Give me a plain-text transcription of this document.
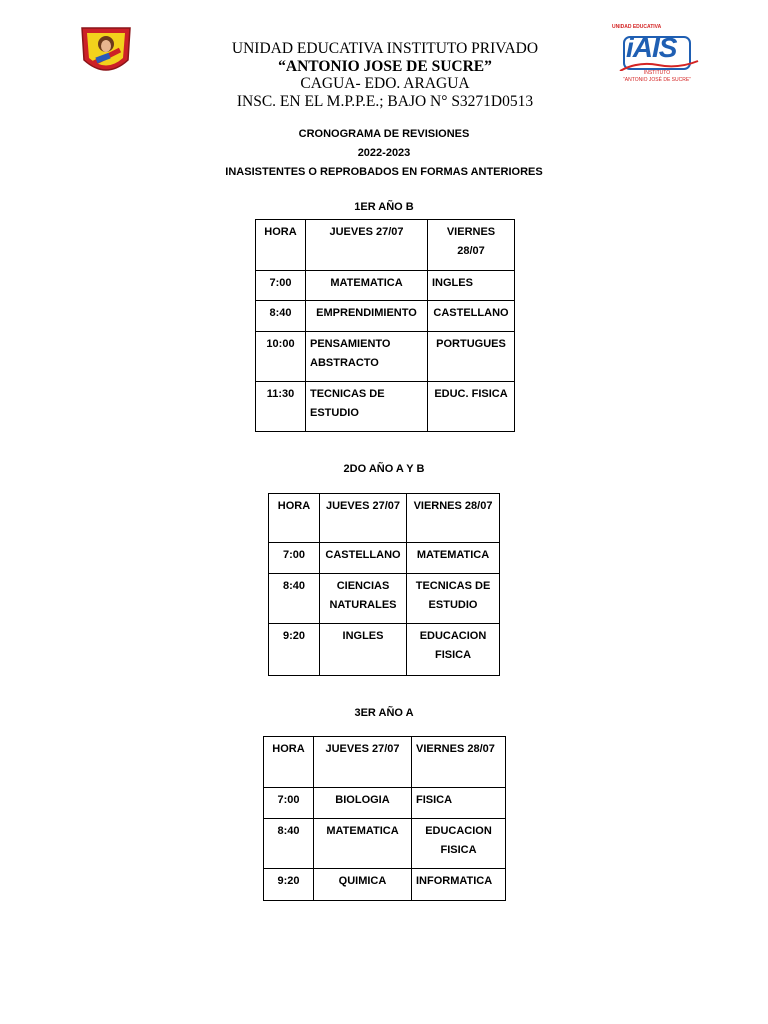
UNIDAD EDUCATIVA INSTITUTO PRIVADO
“ANTONIO JOSE DE SUCRE”
CAGUA- EDO. ARAGUA
INSC. EN EL M.P.P.E.; BAJO N° S3271D0513
UNIDAD EDUCATIVA
iAIS
INSTITUTO
“ANTONIO JOSÉ DE SUCRE”
CRONOGRAMA DE REVISIONES
2022-2023
INASISTENTES O REPROBADOS EN FORMAS ANTERIORES
1ER AÑO B
HORA	JUEVES 27/07	VIERNES 28/07
7:00	MATEMATICA	INGLES
8:40	EMPRENDIMIENTO	CASTELLANO
10:00	PENSAMIENTO ABSTRACTO	PORTUGUES
11:30	TECNICAS DE ESTUDIO	EDUC. FISICA
2DO AÑO A Y B
HORA	JUEVES 27/07	VIERNES 28/07
7:00	CASTELLANO	MATEMATICA
8:40	CIENCIAS NATURALES	TECNICAS DE ESTUDIO
9:20	INGLES	EDUCACION FISICA
3ER AÑO A
HORA	JUEVES 27/07	VIERNES 28/07
7:00	BIOLOGIA	FISICA
8:40	MATEMATICA	EDUCACION FISICA
9:20	QUIMICA	INFORMATICA
